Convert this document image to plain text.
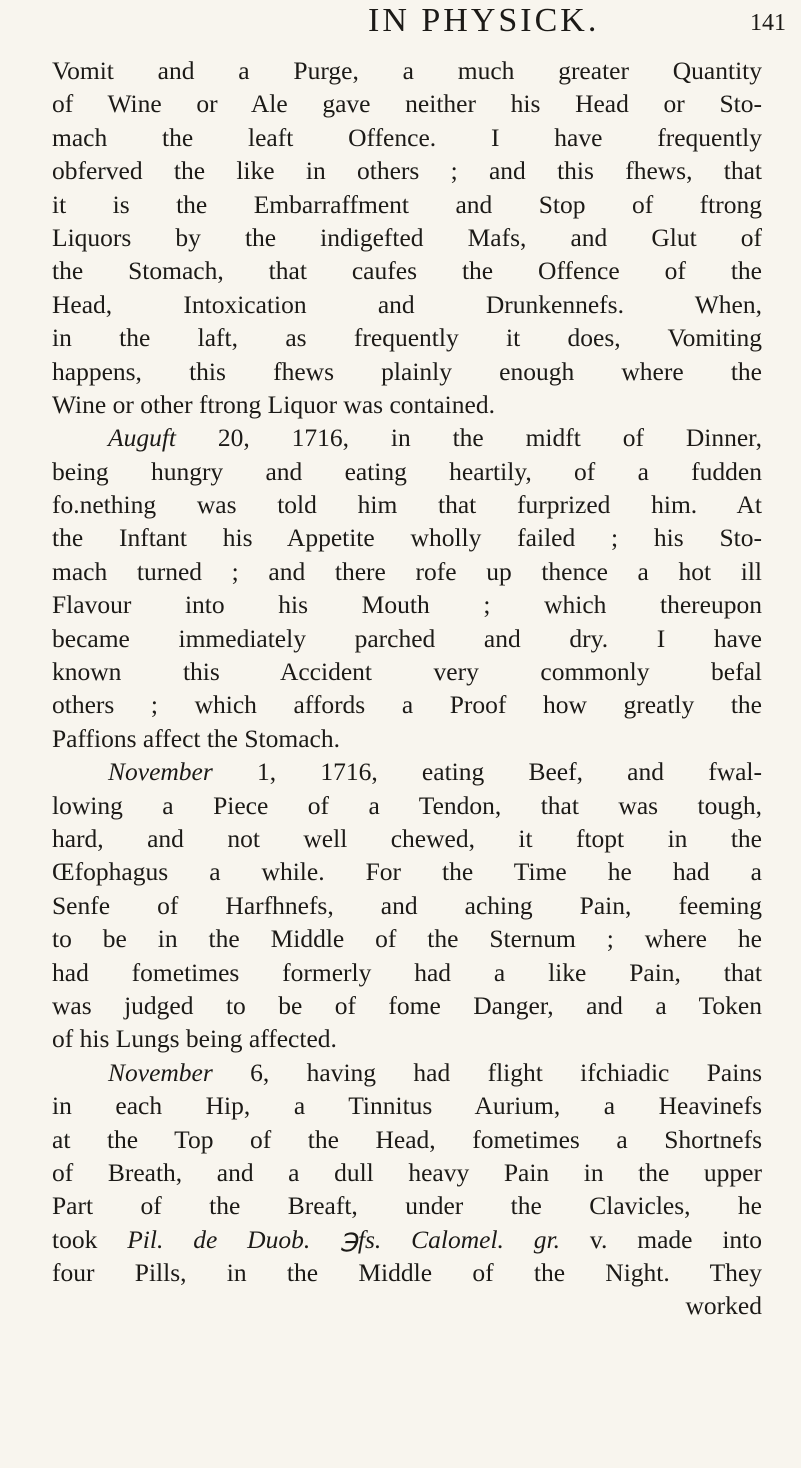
IN PHYSICK.	141
Vomit and a Purge, a much greater Quantity
of Wine or Ale gave neither his Head or Sto-
mach the leaft Offence. I have frequently
obferved the like in others ; and this fhews, that
it is the Embarraffment and Stop of ftrong
Liquors by the indigefted Mafs, and Glut of
the Stomach, that caufes the Offence of the
Head, Intoxication and Drunkennefs. When,
in the laft, as frequently it does, Vomiting
happens, this fhews plainly enough where the
Wine or other ftrong Liquor was contained.
Auguft 20, 1716, in the midft of Dinner,
being hungry and eating heartily, of a fudden
fo.nething was told him that furprized him. At
the Inftant his Appetite wholly failed ; his Sto-
mach turned ; and there rofe up thence a hot ill
Flavour into his Mouth ; which thereupon
became immediately parched and dry. I have
known this Accident very commonly befal
others ; which affords a Proof how greatly the
Paffions affect the Stomach.
November 1, 1716, eating Beef, and fwal-
lowing a Piece of a Tendon, that was tough,
hard, and not well chewed, it ftopt in the
Œfophagus a while. For the Time he had a
Senfe of Harfhnefs, and aching Pain, feeming
to be in the Middle of the Sternum ; where he
had fometimes formerly had a like Pain, that
was judged to be of fome Danger, and a Token
of his Lungs being affected.
November 6, having had flight ifchiadic Pains
in each Hip, a Tinnitus Aurium, a Heavinefs
at the Top of the Head, fometimes a Shortnefs
of Breath, and a dull heavy Pain in the upper
Part of the Breaft, under the Clavicles, he
took Pil. de Duob. ℈fs. Calomel. gr. v. made into
four Pills, in the Middle of the Night. They
worked
